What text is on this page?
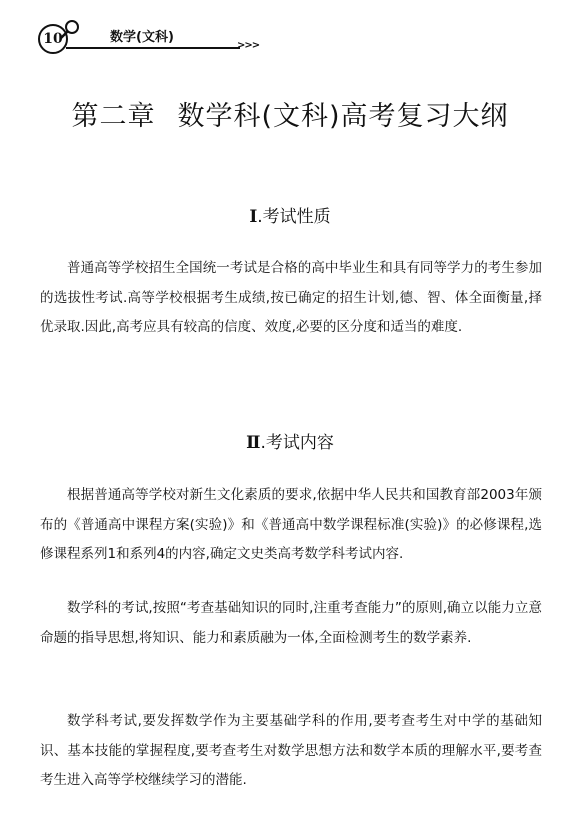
10	数学(文科)
>>>
第二章 数学科(文科)高考复习大纲
Ⅰ.考试性质

普通高等学校招生全国统一考试是合格的高中毕业生和具有同等学力的考生参加的选拔性考试.高等学校根据考生成绩,按已确定的招生计划,德、智、体全面衡量,择优录取.因此,高考应具有较高的信度、效度,必要的区分度和适当的难度.

Ⅱ.考试内容

根据普通高等学校对新生文化素质的要求,依据中华人民共和国教育部2003年颁布的《普通高中课程方案(实验)》和《普通高中数学课程标准(实验)》的必修课程,选修课程系列1和系列4的内容,确定文史类高考数学科考试内容.

数学科的考试,按照“考查基础知识的同时,注重考查能力”的原则,确立以能力立意命题的指导思想,将知识、能力和素质融为一体,全面检测考生的数学素养.

数学科考试,要发挥数学作为主要基础学科的作用,要考查考生对中学的基础知识、基本技能的掌握程度,要考查考生对数学思想方法和数学本质的理解水平,要考查考生进入高等学校继续学习的潜能.
